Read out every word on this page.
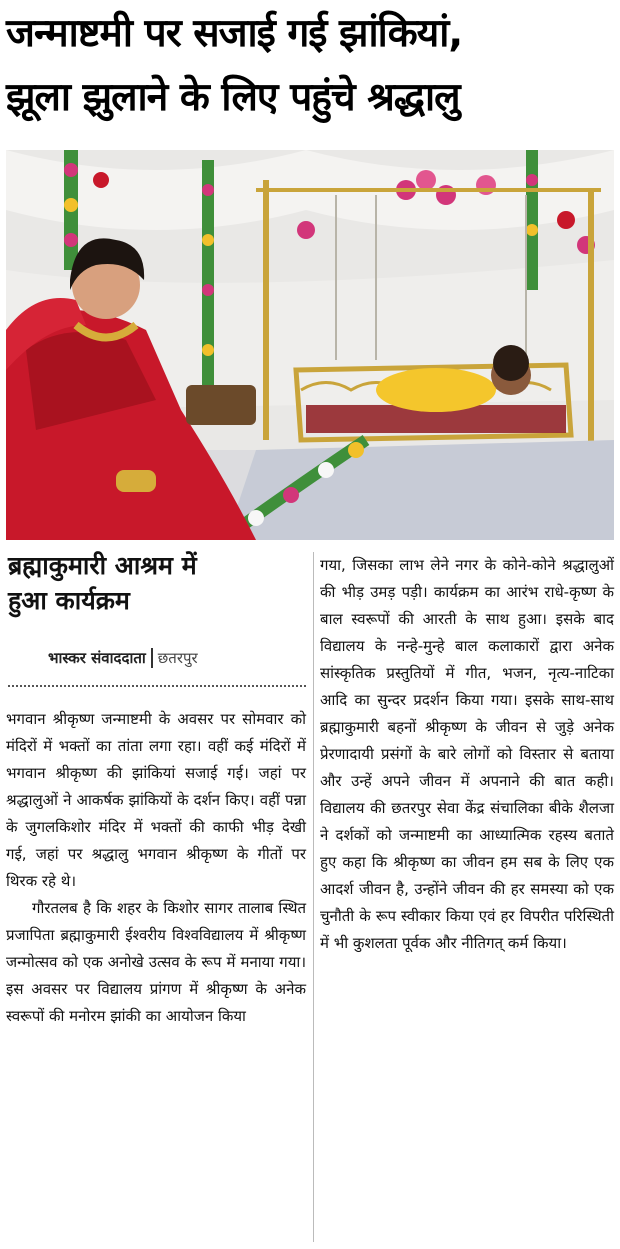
जन्माष्टमी पर सजाई गई झांकियां,
झूला झुलाने के लिए पहुंचे श्रद्धालु
ब्रह्माकुमारी आश्रम में
हुआ कार्यक्रम
भास्कर संवाददाता छतरपुर

भगवान श्रीकृष्ण जन्माष्टमी के अवसर पर सोमवार को मंदिरों में भक्तों का तांता लगा रहा। वहीं कई मंदिरों में भगवान श्रीकृष्ण की झांकियां सजाई गई। जहां पर श्रद्धालुओं ने आकर्षक झांकियों के दर्शन किए। वहीं पन्ना के जुगलकिशोर मंदिर में भक्तों की काफी भीड़ देखी गई, जहां पर श्रद्धालु भगवान श्रीकृष्ण के गीतों पर थिरक रहे थे।

गौरतलब है कि शहर के किशोर सागर तालाब स्थित प्रजापिता ब्रह्माकुमारी ईश्वरीय विश्वविद्यालय में श्रीकृष्ण जन्मोत्सव को एक अनोखे उत्सव के रूप में मनाया गया। इस अवसर पर विद्यालय प्रांगण में श्रीकृष्ण के अनेक स्वरूपों की मनोरम झांकी का आयोजन किया

गया, जिसका लाभ लेने नगर के कोने-कोने श्रद्धालुओं की भीड़ उमड़ पड़ी। कार्यक्रम का आरंभ राधे-कृष्ण के बाल स्वरूपों की आरती के साथ हुआ। इसके बाद विद्यालय के नन्हे-मुन्हे बाल कलाकारों द्वारा अनेक सांस्कृतिक प्रस्तुतियों में गीत, भजन, नृत्य-नाटिका आदि का सुन्दर प्रदर्शन किया गया। इसके साथ-साथ ब्रह्माकुमारी बहनों श्रीकृष्ण के जीवन से जुड़े अनेक प्रेरणादायी प्रसंगों के बारे लोगों को विस्तार से बताया और उन्हें अपने जीवन में अपनाने की बात कही। विद्यालय की छतरपुर सेवा केंद्र संचालिका बीके शैलजा ने दर्शकों को जन्माष्टमी का आध्यात्मिक रहस्य बताते हुए कहा कि श्रीकृष्ण का जीवन हम सब के लिए एक आदर्श जीवन है, उन्होंने जीवन की हर समस्या को एक चुनौती के रूप स्वीकार किया एवं हर विपरीत परिस्थिती में भी कुशलता पूर्वक और नीतिगत् कर्म किया।
